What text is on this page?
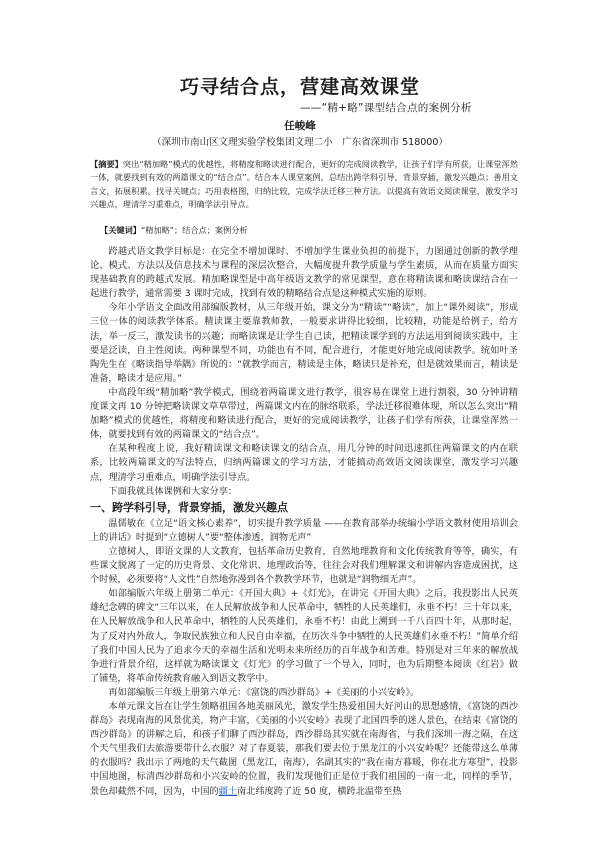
巧寻结合点，营建高效课堂
——“精+略”课型结合点的案例分析
任峻峰
（深圳市南山区文理实验学校集团文理二小　广东省深圳市 518000）
【摘要】突出“精加略”模式的优越性，将精度和略读进行配合，更好的完成阅读教学，让孩子们学有所获，让课堂浑然一体，就要找到有效的两篇课文的“结合点”。结合本人课堂案例，总结出跨学科引导，背景穿插，激发兴趣点；善用文言文，拓展积累，找寻关键点；巧用表格图，归纳比较，完成学法迁移三种方法。以提高有效语文阅读课堂，激发学习兴趣点，理清学习重难点，明确学法引导点。
【关键词】“精加略”；结合点；案例分析

跨越式语文教学目标是：在完全不增加课时、不增加学生课业负担的前提下，力图通过创新的教学理论、模式、方法以及信息技术与课程的深层次整合，大幅度提升教学质量与学生素质，从而在质量方面实现基础教育的跨越式发展。精加略课型是中高年级语文教学的常见课型，意在将精读课和略读课结合在一起进行教学，通常需要 3 课时完成，找到有效的精略结合点是这种模式实施的原则。

今年小学语文全面改用部编版教材，从三年级开始，课文分为“精读”“略读”，加上“课外阅读”，形成三位一体的阅读教学体系。精读课主要靠教师教，一般要求讲得比较细，比较精，功能是给例子，给方法，举一反三，激发读书的兴趣；而略读课是让学生自己读，把精读课学到的方法运用到阅读实践中，主要是泛读，自主性阅读。两种课型不同，功能也有不同，配合进行，才能更好地完成阅读教学。统如叶圣陶先生在《略读指导举隅》所说的：“就教学而言，精读是主体，略读只是补充，但是就效果而言，精读是准备，略读才是应用。”

中高段年级“精加略”教学模式，围绕着两篇课文进行教学，很容易在课堂上进行割裂，30 分钟讲精度课文再 10 分钟把略读课文草草带过，两篇课文内在的脉络联系，学法迁移很难体现，所以怎么突出“精加略”模式的优越性，将精度和略读进行配合，更好的完成阅读教学，让孩子们学有所获，让课堂浑然一体，就要找到有效的两篇课文的“结合点”。

在某种程度上说，我好精读课文和略读课文的结合点，用几分钟的时间迅速抓住两篇课文的内在联系，比较两篇课文的写法特点，归纳两篇课文的学习方法，才能搞动高效语文阅读课堂，激发学习兴趣点，理清学习重难点，明确学法引导点。

下面我就具体课例和大家分享：

一、跨学科引导，背景穿插，激发兴趣点

温儒敏在《立足“语文核心素养”，切实提升教学质量 ——在教育部举办统编小学语文教材使用培训会上的讲话》时提到“立德树人”要“整体渗透，润物无声”

立德树人，即语文课的人文教育，包括革命历史教育，自然地理教育和文化传统教育等等，确实，有些课文脱离了一定的历史背景、文化常识、地理政治等，往往会对我们理解课文和讲解内容造成困扰，这个时候，必须要将“人文性”自然地弥漫到各个教教学环节，也就是“润物细无声”。

如部编版六年级上册第二单元：《开国大典》+《灯光》，在讲完《开国大典》之后，我投影出人民英雄纪念碑的碑文“三年以来，在人民解放战争和人民革命中，牺牲的人民英雄们，永垂不朽！三十年以来，在人民解放战争和人民革命中，牺牲的人民英雄们，永垂不朽！由此上溯到一千八百四十年，从那时起，为了反对内外敌人，争取民族独立和人民自由幸福，在历次斗争中牺牲的人民英雄们永垂不朽！”简单介绍了我们中国人民为了追求今天的幸福生活和光明未来所经历的百年战争和苦难。特别是对三年来的解放战争进行背景介绍，这样就为略读课文《灯光》的学习做了一个导入，同时，也为后期整本阅读《红岩》做了铺垫，将革命传统教育融入到语文教学中。

再如部编版三年级上册第六单元：《富饶的西沙群岛》+《美丽的小兴安岭》。

本单元课文旨在让学生领略祖国各地美丽风光，激发学生热爱祖国大好河山的思想感情，《富饶的西沙群岛》表现南海的风景优美，物产丰富，《美丽的小兴安岭》表现了北国四季的迷人景色，在结束《富饶的西沙群岛》的讲解之后，和孩子们聊了西沙群岛，西沙群岛其实就在南海省，与我们深圳一海之隔，在这个天气里我们去旅游要带什么衣服？对了春夏装，那我们要去位于黑龙江的小兴安岭呢？还能带这么单薄的衣服吗？我出示了两地的天气截图（黑龙江，南海），名副其实的“我在南方暮暖，你在北方寒望”，投影中国地图，标清西沙群岛和小兴安岭的位置，我们发现他们正是位于我们祖国的一南一北，同样的季节，景色却截然不同，因为，中国的疆土南北纬度跨了近 50 度，横跨北温带至热
